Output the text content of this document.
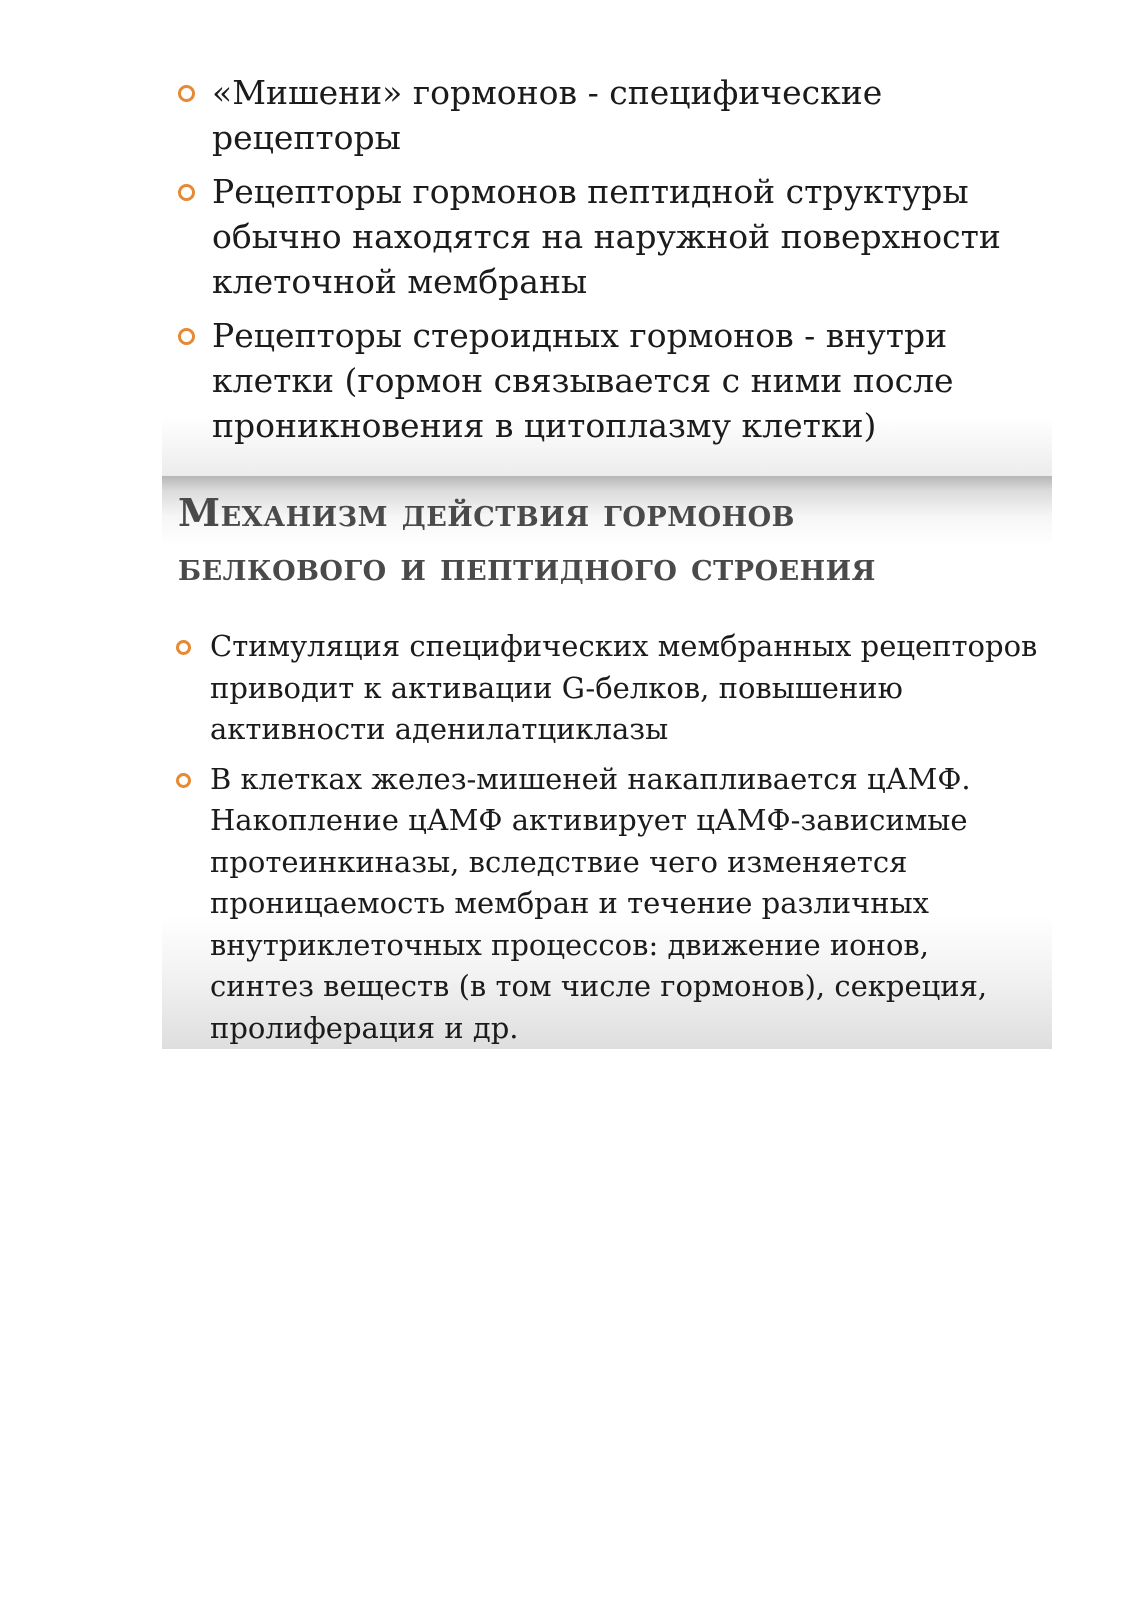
«Мишени» гормонов - специфические рецепторы
Рецепторы гормонов пептидной структуры обычно находятся на наружной поверхности клеточной мембраны
Рецепторы стероидных гормонов - внутри клетки (гормон связывается с ними после проникновения в цитоплазму клетки)
Механизм действия гормонов
белкового и пептидного строения
Стимуляция специфических мембранных рецепторов приводит к активации G-белков, повышению активности аденилатциклазы
В клетках желез-мишеней накапливается цАМФ. Накопление цАМФ активирует цАМФ-зависимые протеинкиназы, вследствие чего изменяется проницаемость мембран и течение различных внутриклеточных процессов: движение ионов, синтез веществ (в том числе гормонов), секреция, пролиферация и др.
